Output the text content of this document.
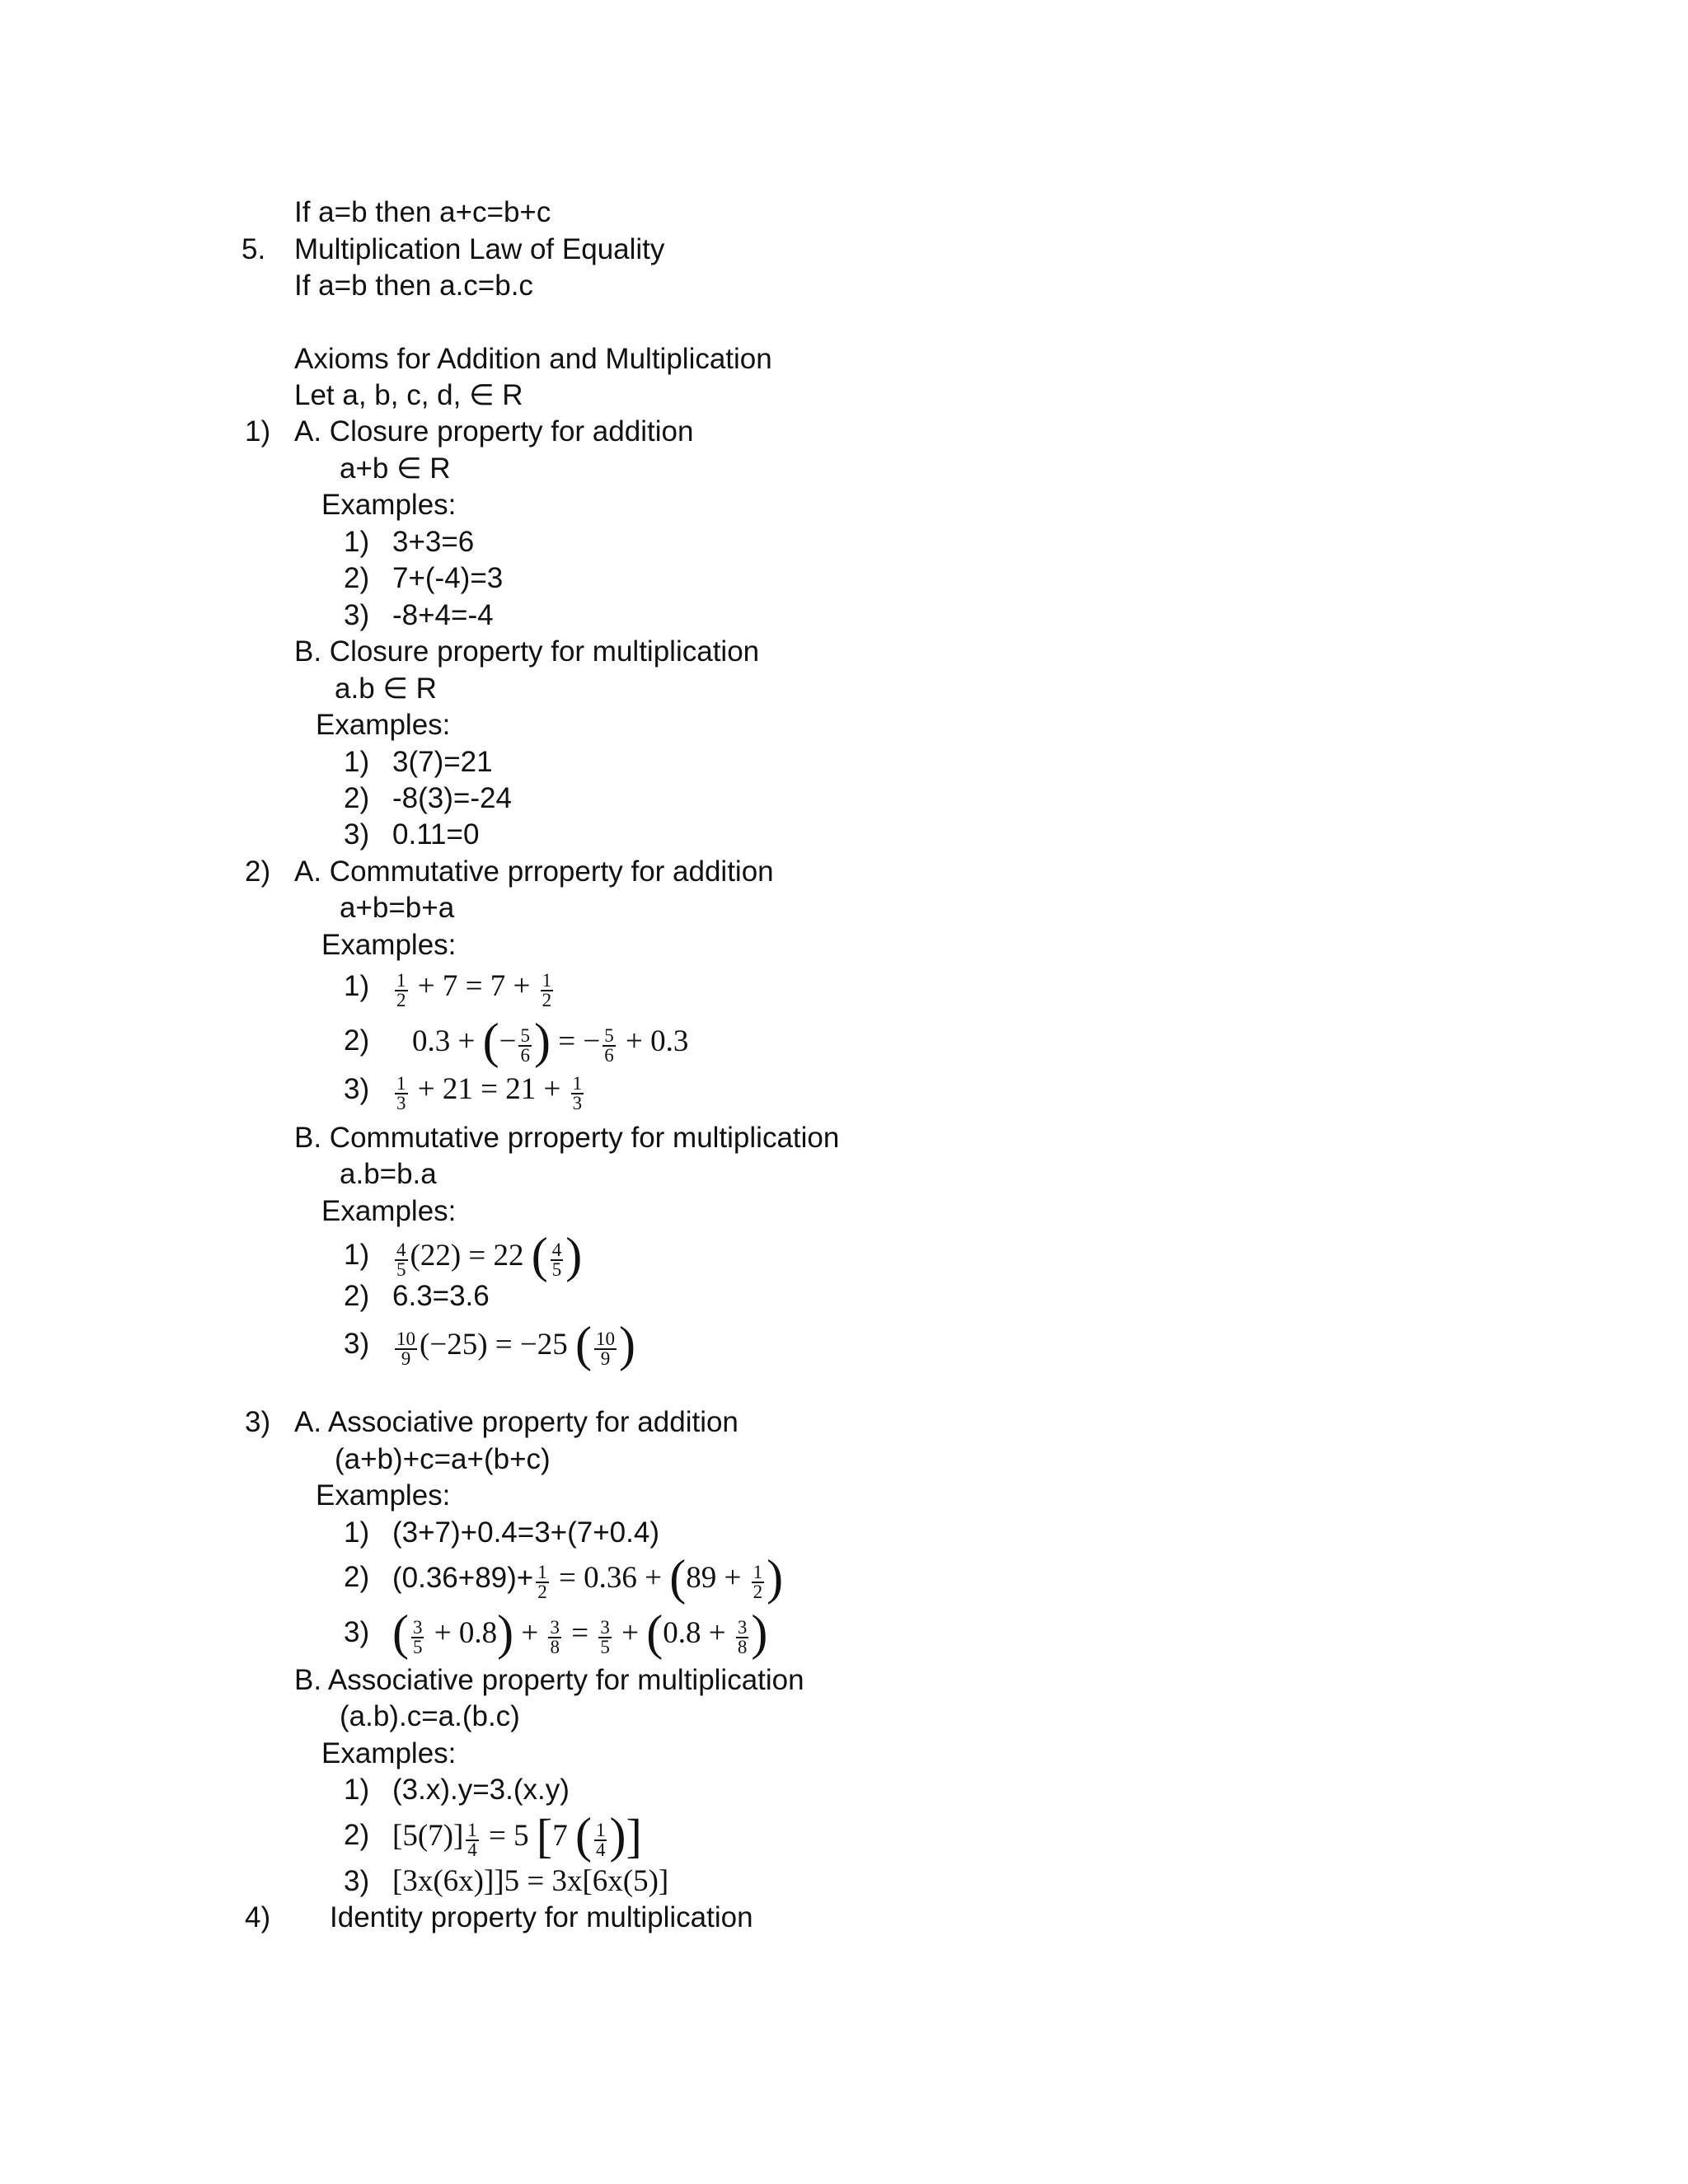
If a=b then a+c=b+c
5. Multiplication Law of Equality
If a=b then a.c=b.c
Axioms for Addition and Multiplication
Let a, b, c, d, ∈ R
1) A. Closure property for addition
a+b ∈ R
Examples:
1) 3+3=6
2) 7+(-4)=3
3) -8+4=-4
B. Closure property for multiplication
a.b ∈ R
Examples:
1) 3(7)=21
2) -8(3)=-24
3) 0.11=0
2) A. Commutative prroperty for addition
a+b=b+a
Examples:
$1) \frac{1}{2} + 7 = 7 + \frac{1}{2}$
2) 0.3 + (− $\frac{5}{6}$ ) = − $\frac{5}{6} + 0.3$
$3) \frac{1}{3} + 21 = 21 + \frac{1}{3}$
B. Commutative prroperty for multiplication
a.b=b.a
Examples:
$1) \frac{4}{5} (22) = 22$ ( $\frac{4}{5}$ )
2) 6.3=3.6
$3) \frac{10}{9} (-25) = -25$ ( $\frac{10}{9}$ )
3) A. Associative property for addition
(a+b)+c=a+(b+c)
Examples:
1) (3+7)+0.4=3+(7+0.4)
2) $(0.36+89)+ \frac{1}{2} = 0.36 + (89 + \frac{1}{2}$ )
3) ( $\frac{3}{5} + 0.8) + \frac{3}{8} = \frac{3}{5} + (0.8 + \frac{3}{8}$ )
B. Associative property for multiplication
(a.b).c=a.(b.c)
Examples:
1) (3.x).y=3.(x.y)
2) $[5(7)] \frac{1}{4} = 5$ [7 ( $\frac{1}{4}$ )]
3) [3x(6x)]]5 = 3x[6x(5)]
4) Identity property for multiplication
